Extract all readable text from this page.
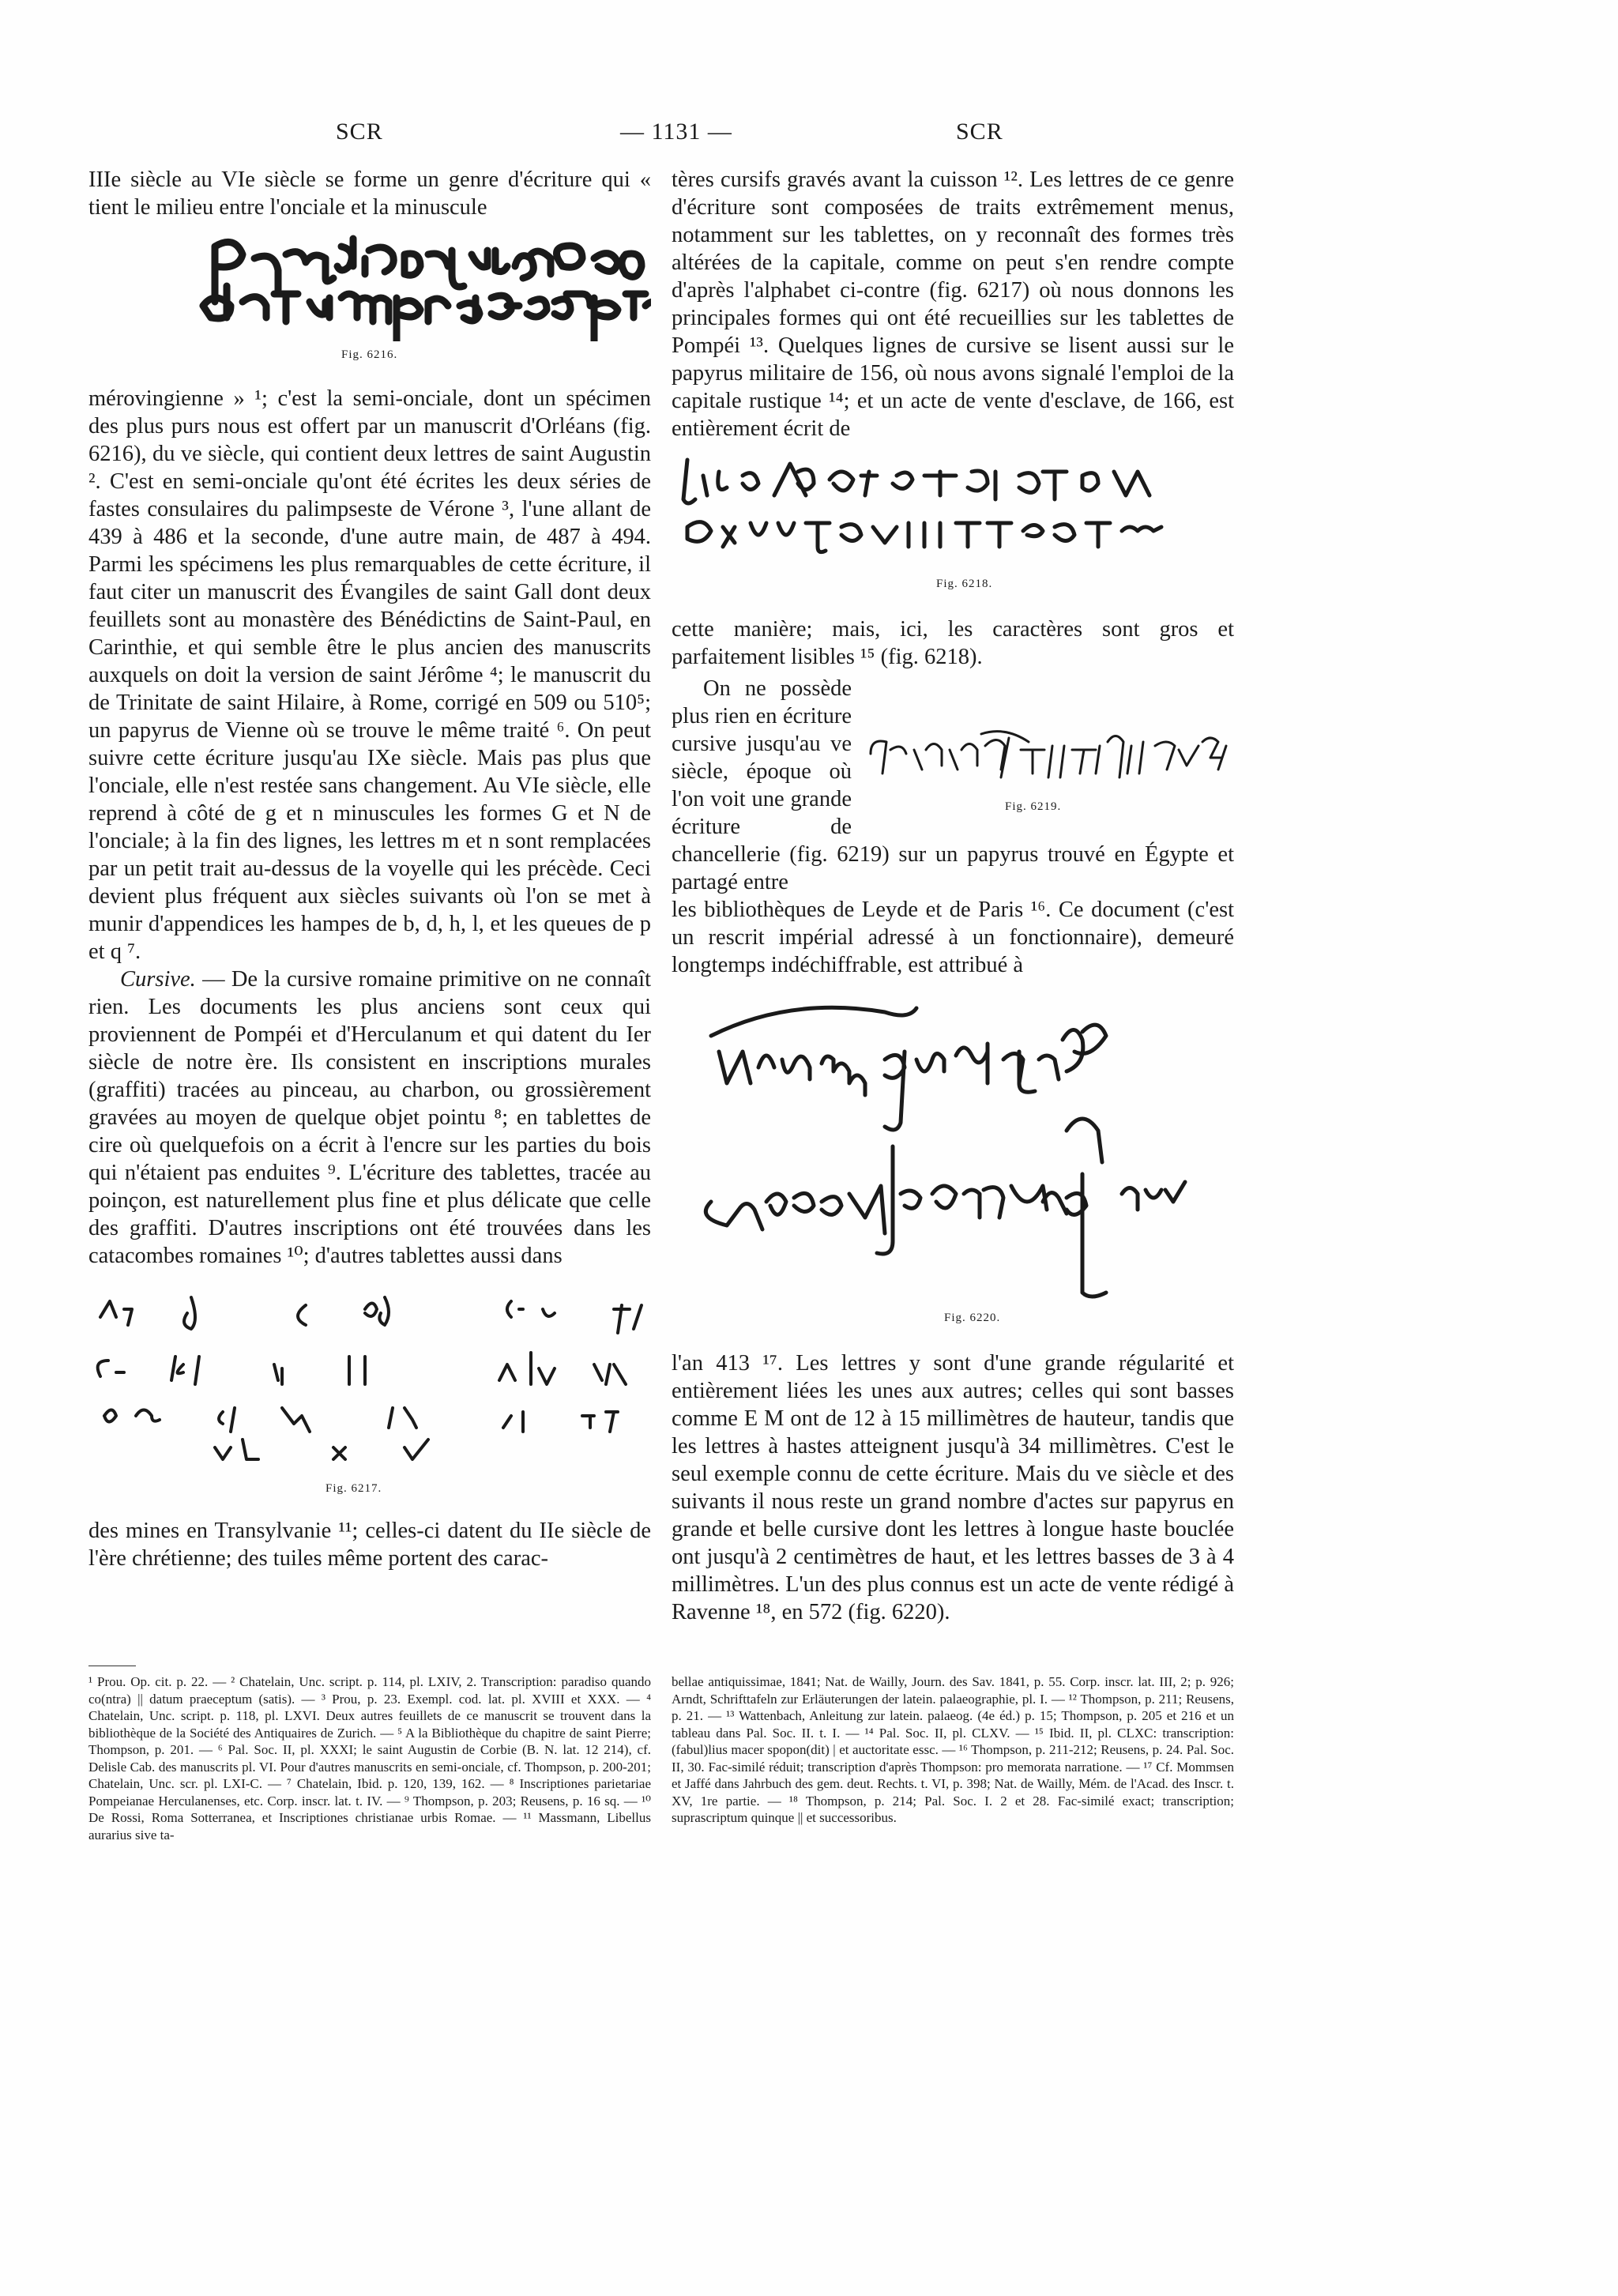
SCR	— 1131 —	SCR

IIIe siècle au VIe siècle se forme un genre d'écriture qui « tient le milieu entre l'onciale et la minuscule

Fig. 6216.

mérovingienne » ¹; c'est la semi-onciale, dont un spécimen des plus purs nous est offert par un manuscrit d'Orléans (fig. 6216), du ve siècle, qui contient deux lettres de saint Augustin ². C'est en semi-onciale qu'ont été écrites les deux séries de fastes consulaires du palimpseste de Vérone ³, l'une allant de 439 à 486 et la seconde, d'une autre main, de 487 à 494. Parmi les spécimens les plus remarquables de cette écriture, il faut citer un manuscrit des Évangiles de saint Gall dont deux feuillets sont au monastère des Bénédictins de Saint-Paul, en Carinthie, et qui semble être le plus ancien des manuscrits auxquels on doit la version de saint Jérôme ⁴; le manuscrit du de Trinitate de saint Hilaire, à Rome, corrigé en 509 ou 510⁵; un papyrus de Vienne où se trouve le même traité ⁶. On peut suivre cette écriture jusqu'au IXe siècle. Mais pas plus que l'onciale, elle n'est restée sans changement. Au VIe siècle, elle reprend à côté de g et n minuscules les formes G et N de l'onciale; à la fin des lignes, les lettres m et n sont remplacées par un petit trait au-dessus de la voyelle qui les précède. Ceci devient plus fréquent aux siècles suivants où l'on se met à munir d'appendices les hampes de b, d, h, l, et les queues de p et q ⁷.

Cursive. — De la cursive romaine primitive on ne connaît rien. Les documents les plus anciens sont ceux qui proviennent de Pompéi et d'Herculanum et qui datent du Ier siècle de notre ère. Ils consistent en inscriptions murales (graffiti) tracées au pinceau, au charbon, ou grossièrement gravées au moyen de quelque objet pointu ⁸; en tablettes de cire où quelquefois on a écrit à l'encre sur les parties du bois qui n'étaient pas enduites ⁹. L'écriture des tablettes, tracée au poinçon, est naturellement plus fine et plus délicate que celle des graffiti. D'autres inscriptions ont été trouvées dans les catacombes romaines ¹⁰; d'autres tablettes aussi dans

Fig. 6217.

des mines en Transylvanie ¹¹; celles-ci datent du IIe siècle de l'ère chrétienne; des tuiles même portent des carac-

tères cursifs gravés avant la cuisson ¹². Les lettres de ce genre d'écriture sont composées de traits extrêmement menus, notamment sur les tablettes, on y reconnaît des formes très altérées de la capitale, comme on peut s'en rendre compte d'après l'alphabet ci-contre (fig. 6217) où nous donnons les principales formes qui ont été recueillies sur les tablettes de Pompéi ¹³. Quelques lignes de cursive se lisent aussi sur le papyrus militaire de 156, où nous avons signalé l'emploi de la capitale rustique ¹⁴; et un acte de vente d'esclave, de 166, est entièrement écrit de

Fig. 6218.

cette manière; mais, ici, les caractères sont gros et parfaitement lisibles ¹⁵ (fig. 6218).

Fig. 6219.

On ne possède plus rien en écriture cursive jusqu'au ve siècle, époque où l'on voit une grande écriture de chancellerie (fig. 6219) sur un papyrus trouvé en Égypte et partagé entre

les bibliothèques de Leyde et de Paris ¹⁶. Ce document (c'est un rescrit impérial adressé à un fonctionnaire), demeuré longtemps indéchiffrable, est attribué à

Fig. 6220.

l'an 413 ¹⁷. Les lettres y sont d'une grande régularité et entièrement liées les unes aux autres; celles qui sont basses comme E M ont de 12 à 15 millimètres de hauteur, tandis que les lettres à hastes atteignent jusqu'à 34 millimètres. C'est le seul exemple connu de cette écriture. Mais du ve siècle et des suivants il nous reste un grand nombre d'actes sur papyrus en grande et belle cursive dont les lettres à longue haste bouclée ont jusqu'à 2 centimètres de haut, et les lettres basses de 3 à 4 millimètres. L'un des plus connus est un acte de vente rédigé à Ravenne ¹⁸, en 572 (fig. 6220).

¹ Prou. Op. cit. p. 22. — ² Chatelain, Unc. script. p. 114, pl. LXIV, 2. Transcription: paradiso quando co(ntra) || datum praeceptum (satis). — ³ Prou, p. 23. Exempl. cod. lat. pl. XVIII et XXX. — ⁴ Chatelain, Unc. script. p. 118, pl. LXVI. Deux autres feuillets de ce manuscrit se trouvent dans la bibliothèque de la Société des Antiquaires de Zurich. — ⁵ A la Bibliothèque du chapitre de saint Pierre; Thompson, p. 201. — ⁶ Pal. Soc. II, pl. XXXI; le saint Augustin de Corbie (B. N. lat. 12 214), cf. Delisle Cab. des manuscrits pl. VI. Pour d'autres manuscrits en semi-onciale, cf. Thompson, p. 200-201; Chatelain, Unc. scr. pl. LXI-C. — ⁷ Chatelain, Ibid. p. 120, 139, 162. — ⁸ Inscriptiones parietariae Pompeianae Herculanenses, etc. Corp. inscr. lat. t. IV. — ⁹ Thompson, p. 203; Reusens, p. 16 sq. — ¹⁰ De Rossi, Roma Sotterranea, et Inscriptiones christianae urbis Romae. — ¹¹ Massmann, Libellus aurarius sive ta-

bellae antiquissimae, 1841; Nat. de Wailly, Journ. des Sav. 1841, p. 55. Corp. inscr. lat. III, 2; p. 926; Arndt, Schrifttafeln zur Erläuterungen der latein. palaeographie, pl. I. — ¹² Thompson, p. 211; Reusens, p. 21. — ¹³ Wattenbach, Anleitung zur latein. palaeog. (4e éd.) p. 15; Thompson, p. 205 et 216 et un tableau dans Pal. Soc. II. t. I. — ¹⁴ Pal. Soc. II, pl. CLXV. — ¹⁵ Ibid. II, pl. CLXC: transcription: (fabul)lius macer spopon(dit) | et auctoritate essc. — ¹⁶ Thompson, p. 211-212; Reusens, p. 24. Pal. Soc. II, 30. Fac-similé réduit; transcription d'après Thompson: pro memorata narratione. — ¹⁷ Cf. Mommsen et Jaffé dans Jahrbuch des gem. deut. Rechts. t. VI, p. 398; Nat. de Wailly, Mém. de l'Acad. des Inscr. t. XV, 1re partie. — ¹⁸ Thompson, p. 214; Pal. Soc. I. 2 et 28. Fac-similé exact; transcription; suprascriptum quinque || et successoribus.
